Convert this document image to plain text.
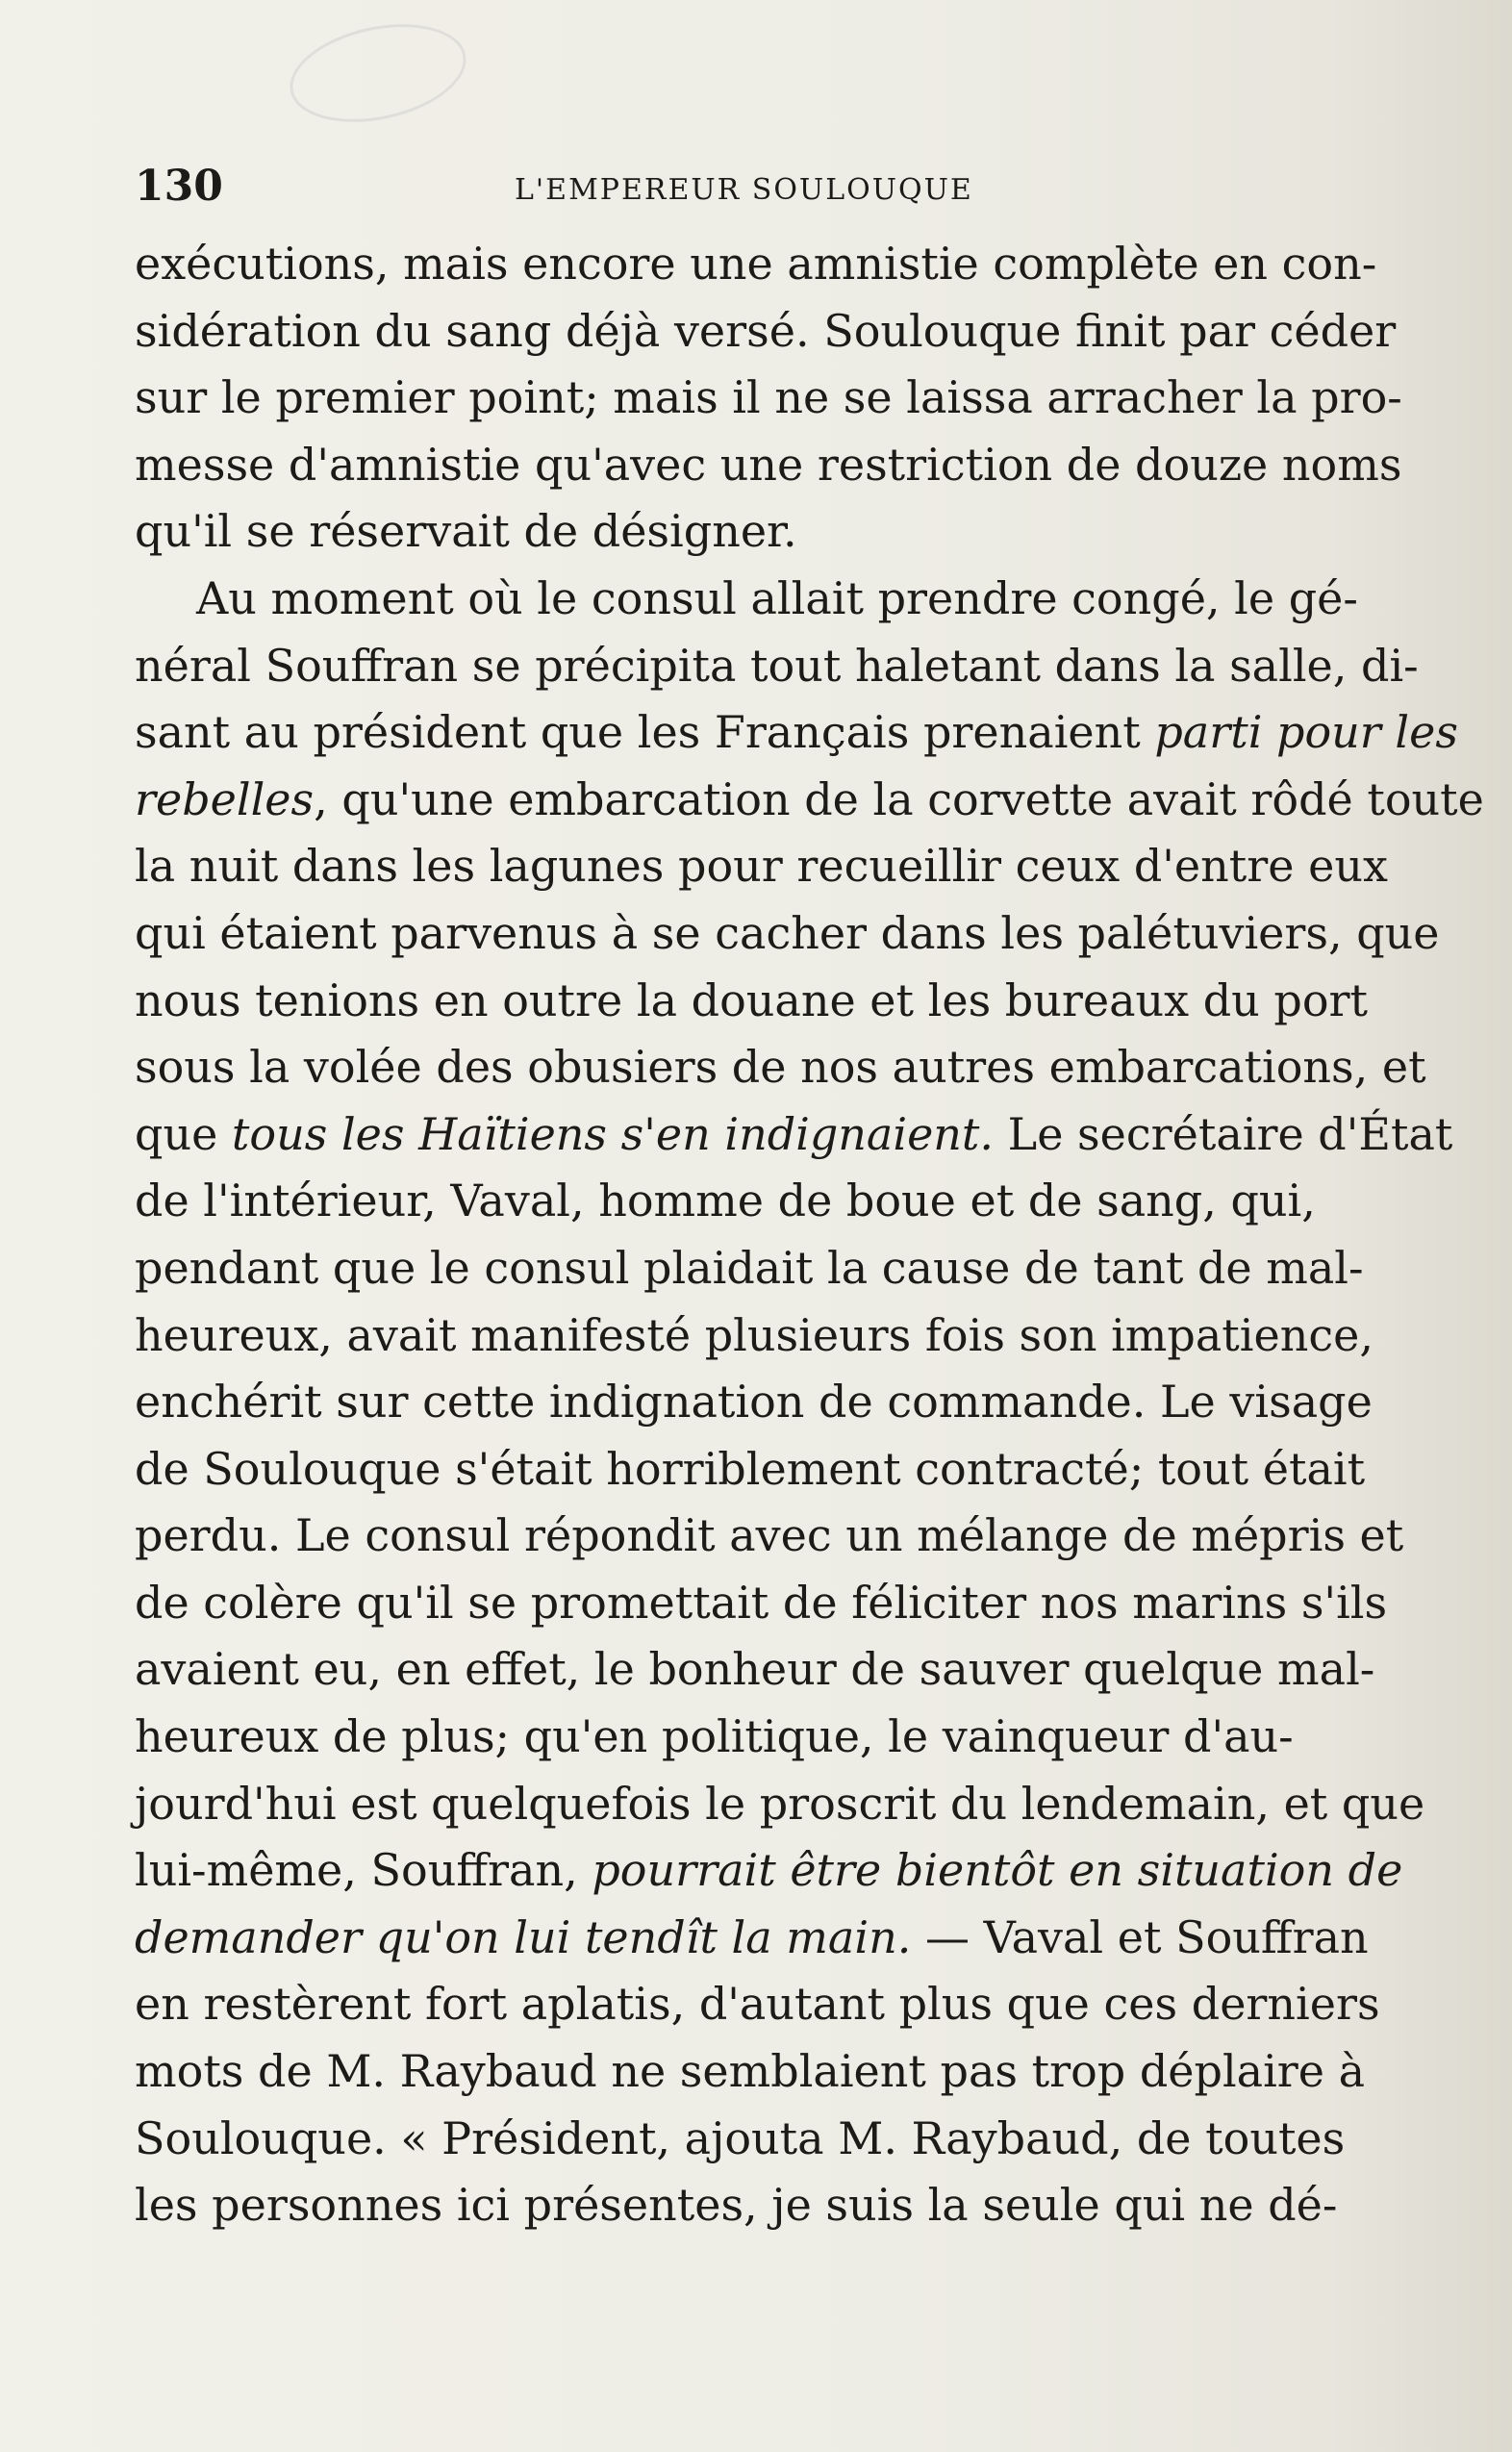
130	L'EMPEREUR SOULOUQUE
exécutions, mais encore une amnistie complète en con-
sidération du sang déjà versé. Soulouque finit par céder
sur le premier point; mais il ne se laissa arracher la pro-
messe d'amnistie qu'avec une restriction de douze noms
qu'il se réservait de désigner.
Au moment où le consul allait prendre congé, le gé-
néral Souffran se précipita tout haletant dans la salle, di-
sant au président que les Français prenaient parti pour les
rebelles, qu'une embarcation de la corvette avait rôdé toute
la nuit dans les lagunes pour recueillir ceux d'entre eux
qui étaient parvenus à se cacher dans les palétuviers, que
nous tenions en outre la douane et les bureaux du port
sous la volée des obusiers de nos autres embarcations, et
que tous les Haïtiens s'en indignaient. Le secrétaire d'État
de l'intérieur, Vaval, homme de boue et de sang, qui,
pendant que le consul plaidait la cause de tant de mal-
heureux, avait manifesté plusieurs fois son impatience,
enchérit sur cette indignation de commande. Le visage
de Soulouque s'était horriblement contracté; tout était
perdu. Le consul répondit avec un mélange de mépris et
de colère qu'il se promettait de féliciter nos marins s'ils
avaient eu, en effet, le bonheur de sauver quelque mal-
heureux de plus; qu'en politique, le vainqueur d'au-
jourd'hui est quelquefois le proscrit du lendemain, et que
lui-même, Souffran, pourrait être bientôt en situation de
demander qu'on lui tendît la main. — Vaval et Souffran
en restèrent fort aplatis, d'autant plus que ces derniers
mots de M. Raybaud ne semblaient pas trop déplaire à
Soulouque. « Président, ajouta M. Raybaud, de toutes
les personnes ici présentes, je suis la seule qui ne dé-
